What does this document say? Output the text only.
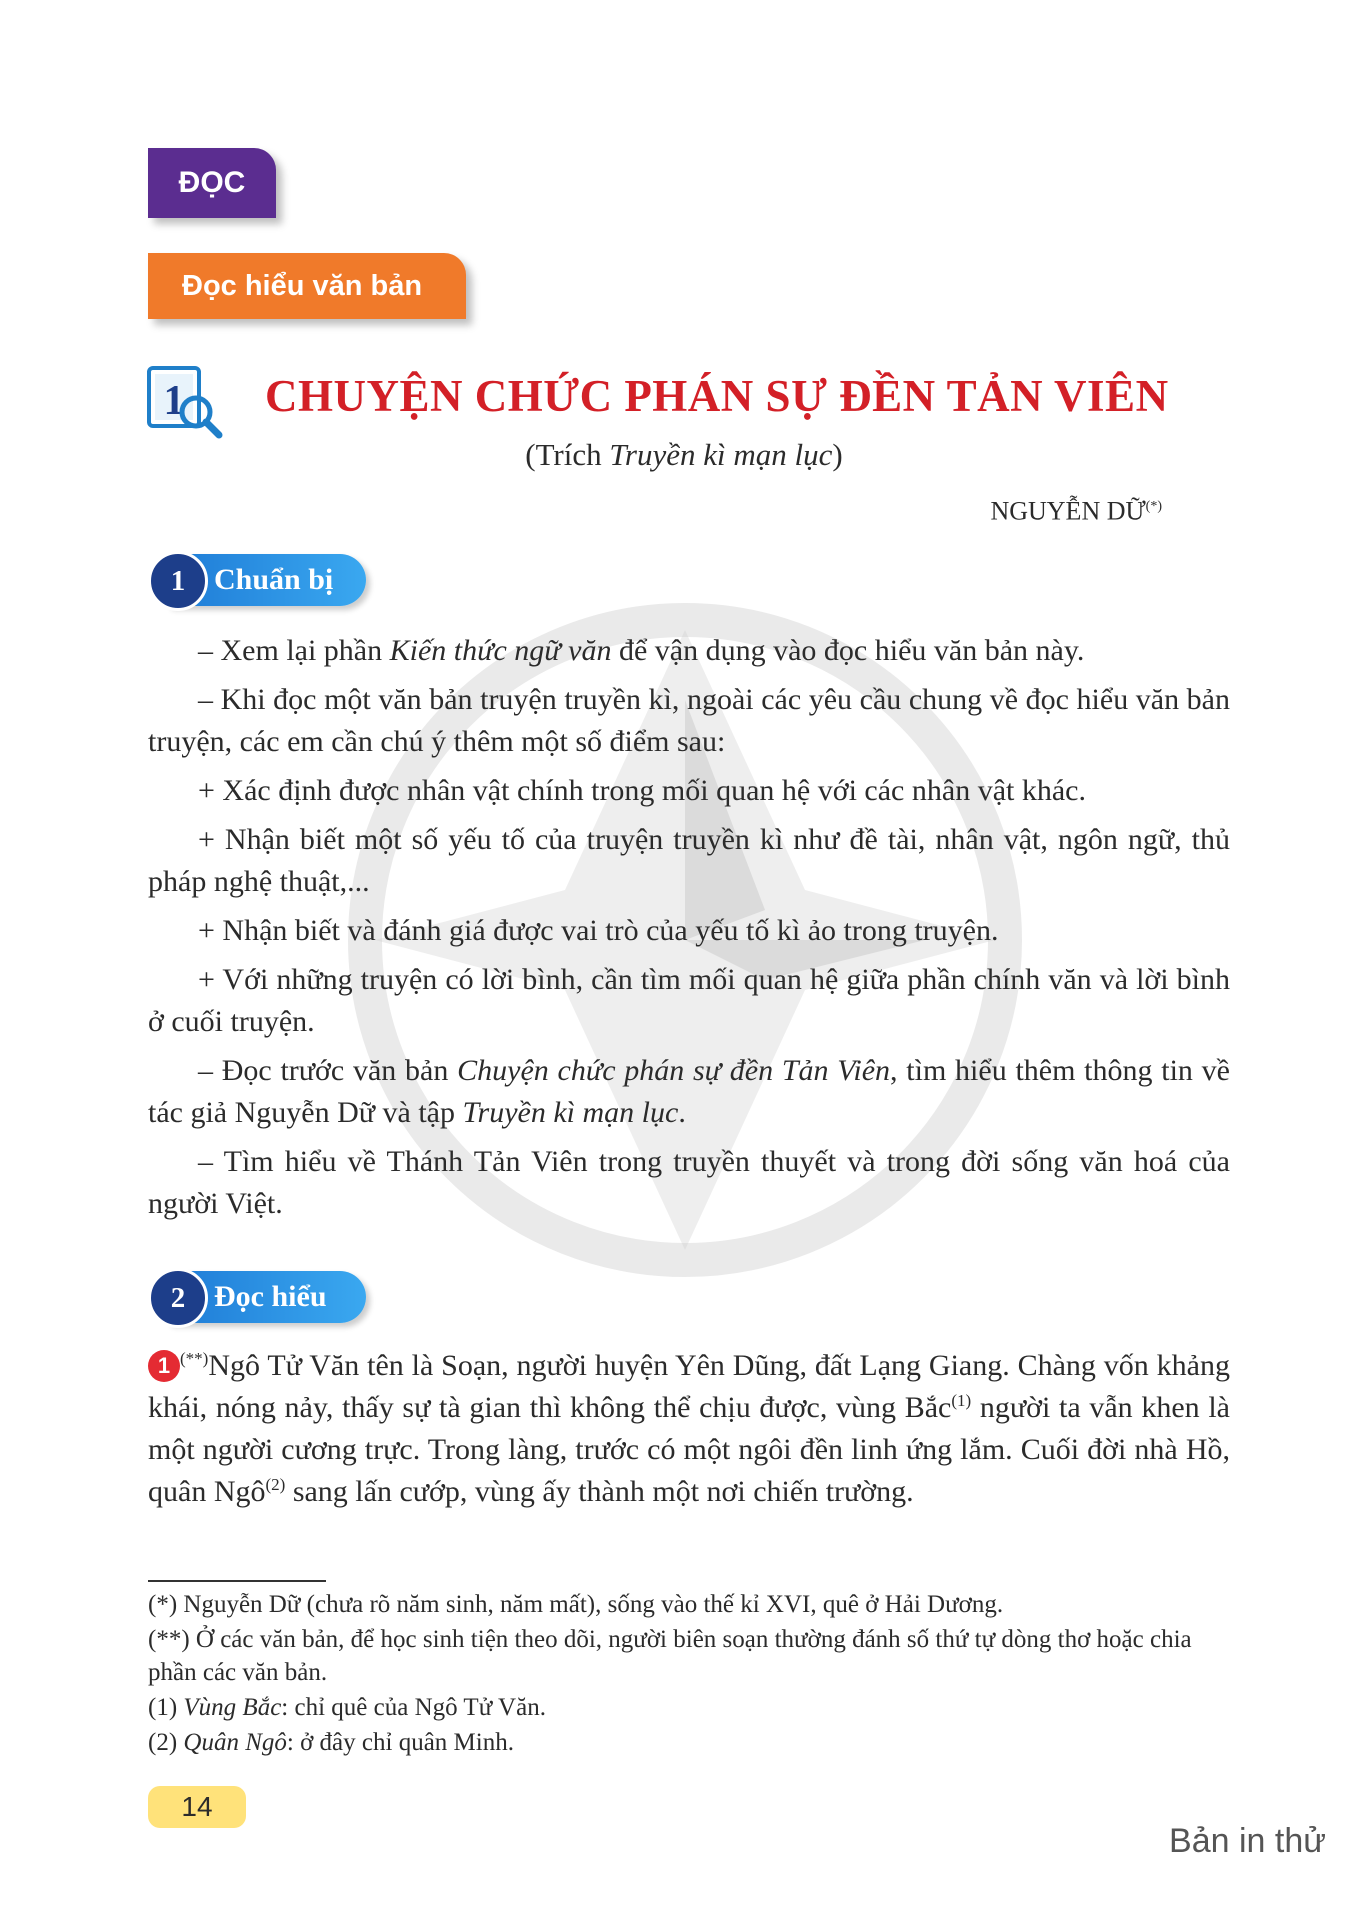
ĐỌC
Đọc hiểu văn bản
1 CHUYỆN CHỨC PHÁN SỰ ĐỀN TẢN VIÊN
(Trích Truyền kì mạn lục)
NGUYỄN DỮ(*)
1 Chuẩn bị

– Xem lại phần Kiến thức ngữ văn để vận dụng vào đọc hiểu văn bản này.

– Khi đọc một văn bản truyện truyền kì, ngoài các yêu cầu chung về đọc hiểu văn bản truyện, các em cần chú ý thêm một số điểm sau:

+ Xác định được nhân vật chính trong mối quan hệ với các nhân vật khác.

+ Nhận biết một số yếu tố của truyện truyền kì như đề tài, nhân vật, ngôn ngữ, thủ pháp nghệ thuật,...

+ Nhận biết và đánh giá được vai trò của yếu tố kì ảo trong truyện.

+ Với những truyện có lời bình, cần tìm mối quan hệ giữa phần chính văn và lời bình ở cuối truyện.

– Đọc trước văn bản Chuyện chức phán sự đền Tản Viên, tìm hiểu thêm thông tin về tác giả Nguyễn Dữ và tập Truyền kì mạn lục.

– Tìm hiểu về Thánh Tản Viên trong truyền thuyết và trong đời sống văn hoá của người Việt.

2 Đọc hiểu

1 (**)Ngô Tử Văn tên là Soạn, người huyện Yên Dũng, đất Lạng Giang. Chàng vốn khảng khái, nóng nảy, thấy sự tà gian thì không thể chịu được, vùng Bắc$^{(1)}$ người ta vẫn khen là một người cương trực. Trong làng, trước có một ngôi đền linh ứng lắm. Cuối đời nhà Hồ, quân Ngô$^{(2)}$ sang lấn cướp, vùng ấy thành một nơi chiến trường.

(*) Nguyễn Dữ (chưa rõ năm sinh, năm mất), sống vào thế kỉ XVI, quê ở Hải Dương.

(**) Ở các văn bản, để học sinh tiện theo dõi, người biên soạn thường đánh số thứ tự dòng thơ hoặc chia phần các văn bản.

(1) Vùng Bắc: chỉ quê của Ngô Tử Văn.

(2) Quân Ngô: ở đây chỉ quân Minh.

14
Bản in thử
